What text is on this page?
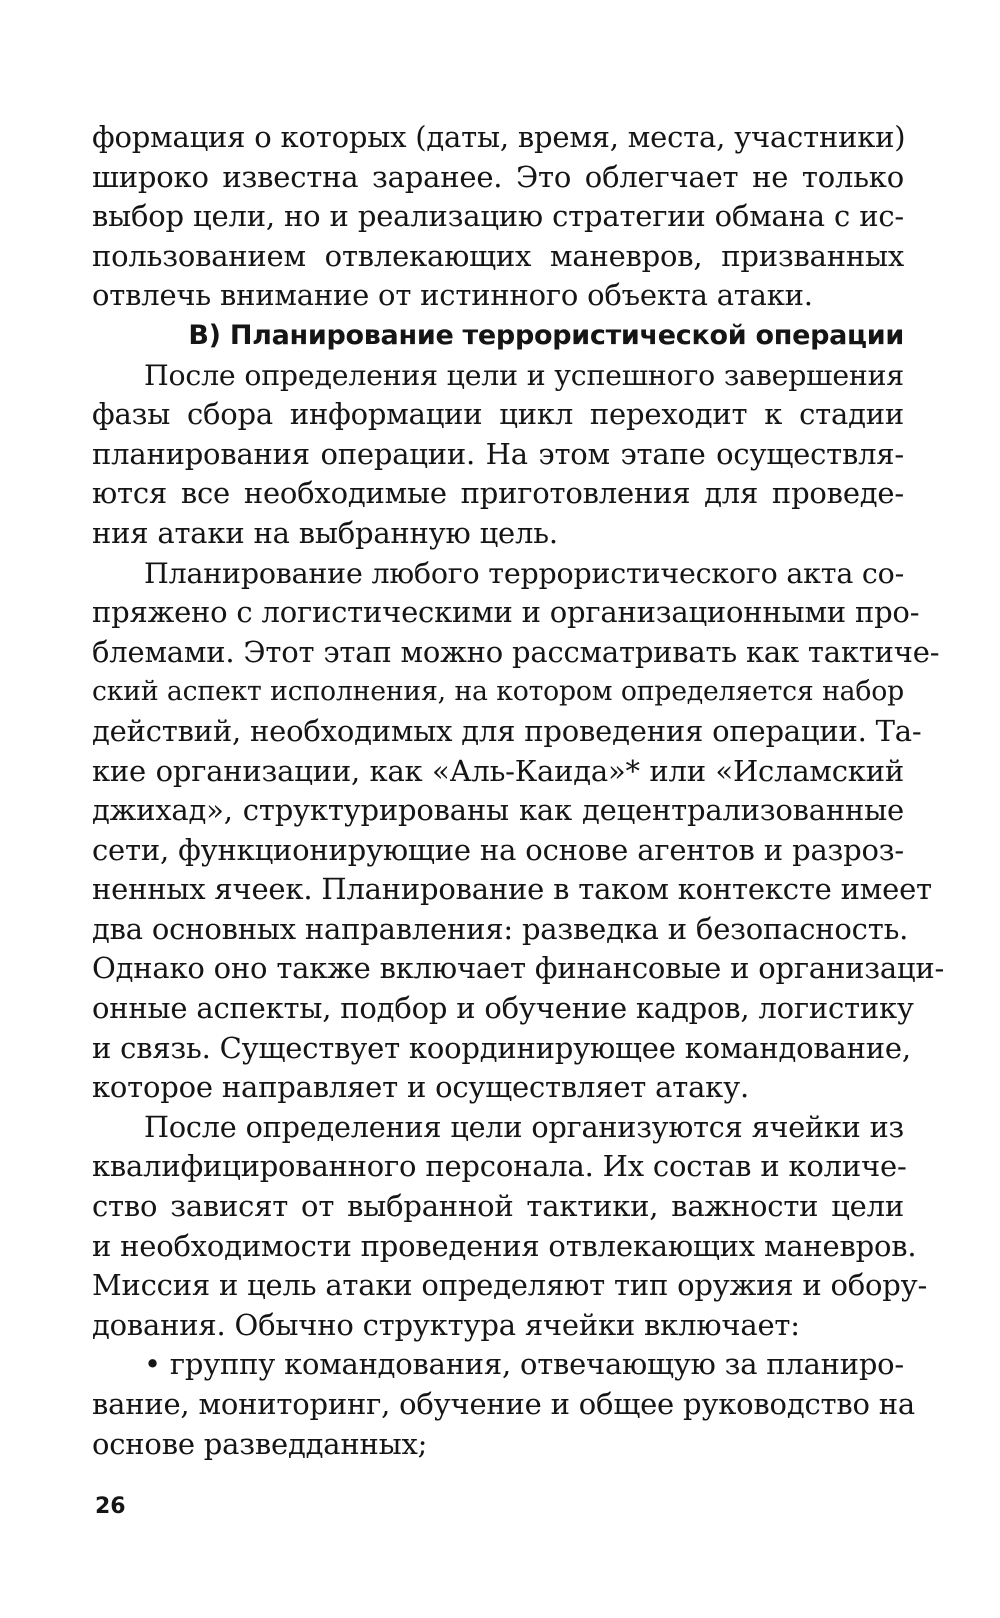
формация о которых (даты, время, места, участники)
широко известна заранее. Это облегчает не только
выбор цели, но и реализацию стратегии обмана с ис-
пользованием отвлекающих маневров, призванных
отвлечь внимание от истинного объекта атаки.

В) Планирование террористической операции

После определения цели и успешного завершения
фазы сбора информации цикл переходит к стадии
планирования операции. На этом этапе осуществля-
ются все необходимые приготовления для проведе-
ния атаки на выбранную цель.

Планирование любого террористического акта со-
пряжено с логистическими и организационными про-
блемами. Этот этап можно рассматривать как тактиче-
ский аспект исполнения, на котором определяется набор
действий, необходимых для проведения операции. Та-
кие организации, как «Аль-Каида»* или «Исламский
джихад», структурированы как децентрализованные
сети, функционирующие на основе агентов и разроз-
ненных ячеек. Планирование в таком контексте имеет
два основных направления: разведка и безопасность.
Однако оно также включает финансовые и организаци-
онные аспекты, подбор и обучение кадров, логистику
и связь. Существует координирующее командование,
которое направляет и осуществляет атаку.

После определения цели организуются ячейки из
квалифицированного персонала. Их состав и количе-
ство зависят от выбранной тактики, важности цели
и необходимости проведения отвлекающих маневров.
Миссия и цель атаки определяют тип оружия и обору-
дования. Обычно структура ячейки включает:

• группу командования, отвечающую за планиро-
вание, мониторинг, обучение и общее руководство на
основе разведданных;

26
